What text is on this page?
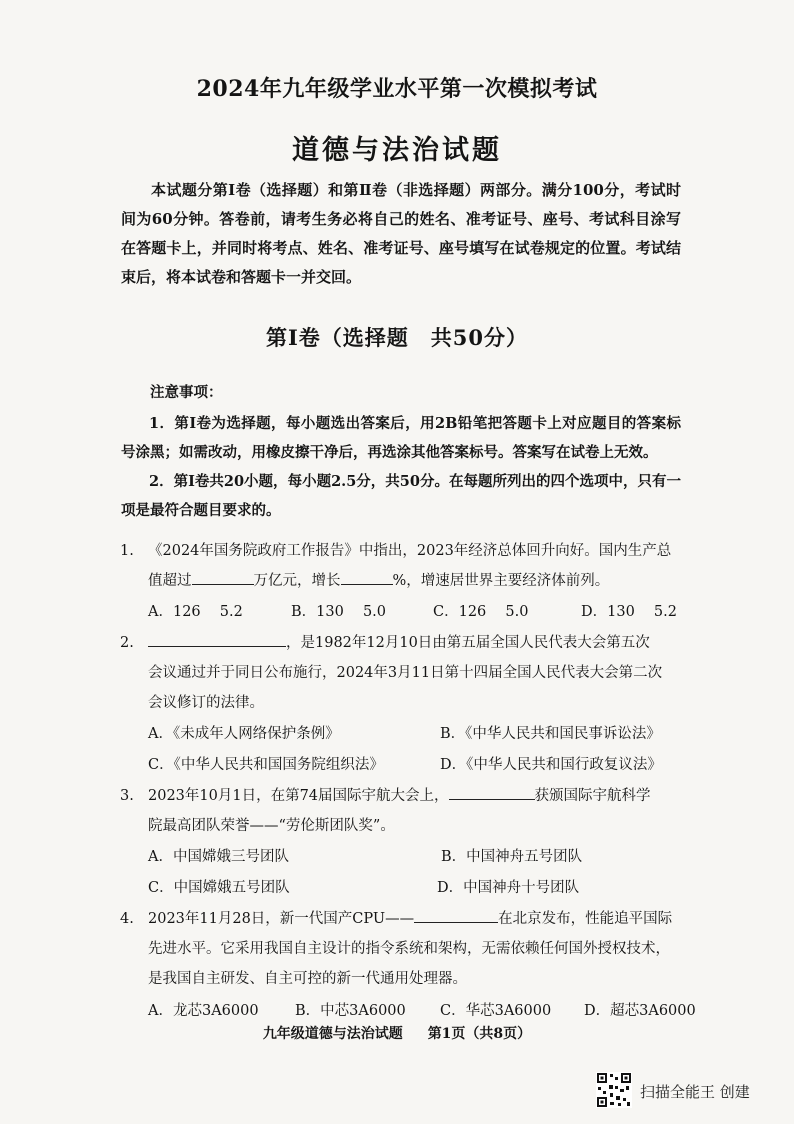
2024年九年级学业水平第一次模拟考试
道德与法治试题
本试题分第Ⅰ卷（选择题）和第Ⅱ卷（非选择题）两部分。满分100分，考试时间为60分钟。答卷前，请考生务必将自己的姓名、准考证号、座号、考试科目涂写在答题卡上，并同时将考点、姓名、准考证号、座号填写在试卷规定的位置。考试结束后，将本试卷和答题卡一并交回。
第Ⅰ卷（选择题　共50分）
注意事项：
1．第Ⅰ卷为选择题，每小题选出答案后，用2B铅笔把答题卡上对应题目的答案标号涂黑；如需改动，用橡皮擦干净后，再选涂其他答案标号。答案写在试卷上无效。
2．第Ⅰ卷共20小题，每小题2.5分，共50分。在每题所列出的四个选项中，只有一项是最符合题目要求的。
1. 《2024年国务院政府工作报告》中指出，2023年经济总体回升向好。国内生产总
值超过	万亿元，增长	%，增速居世界主要经济体前列。
A．126　 5.2	B．130　 5.0	C．126　 5.0	D．130　 5.2
2.	，是1982年12月10日由第五届全国人民代表大会第五次
会议通过并于同日公布施行，2024年3月11日第十四届全国人民代表大会第二次
会议修订的法律。
A．《未成年人网络保护条例》	B．《中华人民共和国民事诉讼法》
C．《中华人民共和国国务院组织法》	D．《中华人民共和国行政复议法》
3. 2023年10月1日，在第74届国际宇航大会上，	获颁国际宇航科学
院最高团队荣誉——“劳伦斯团队奖”。
A．中国嫦娥三号团队	B．中国神舟五号团队
C．中国嫦娥五号团队	D．中国神舟十号团队
4. 2023年11月28日，新一代国产CPU——	在北京发布，性能追平国际
先进水平。它采用我国自主设计的指令系统和架构，无需依赖任何国外授权技术，
是我国自主研发、自主可控的新一代通用处理器。
A．龙芯3A6000	B．中芯3A6000 C．华芯3A6000 D．超芯3A6000
九年级道德与法治试题 第1页（共8页）
扫描全能王 创建
